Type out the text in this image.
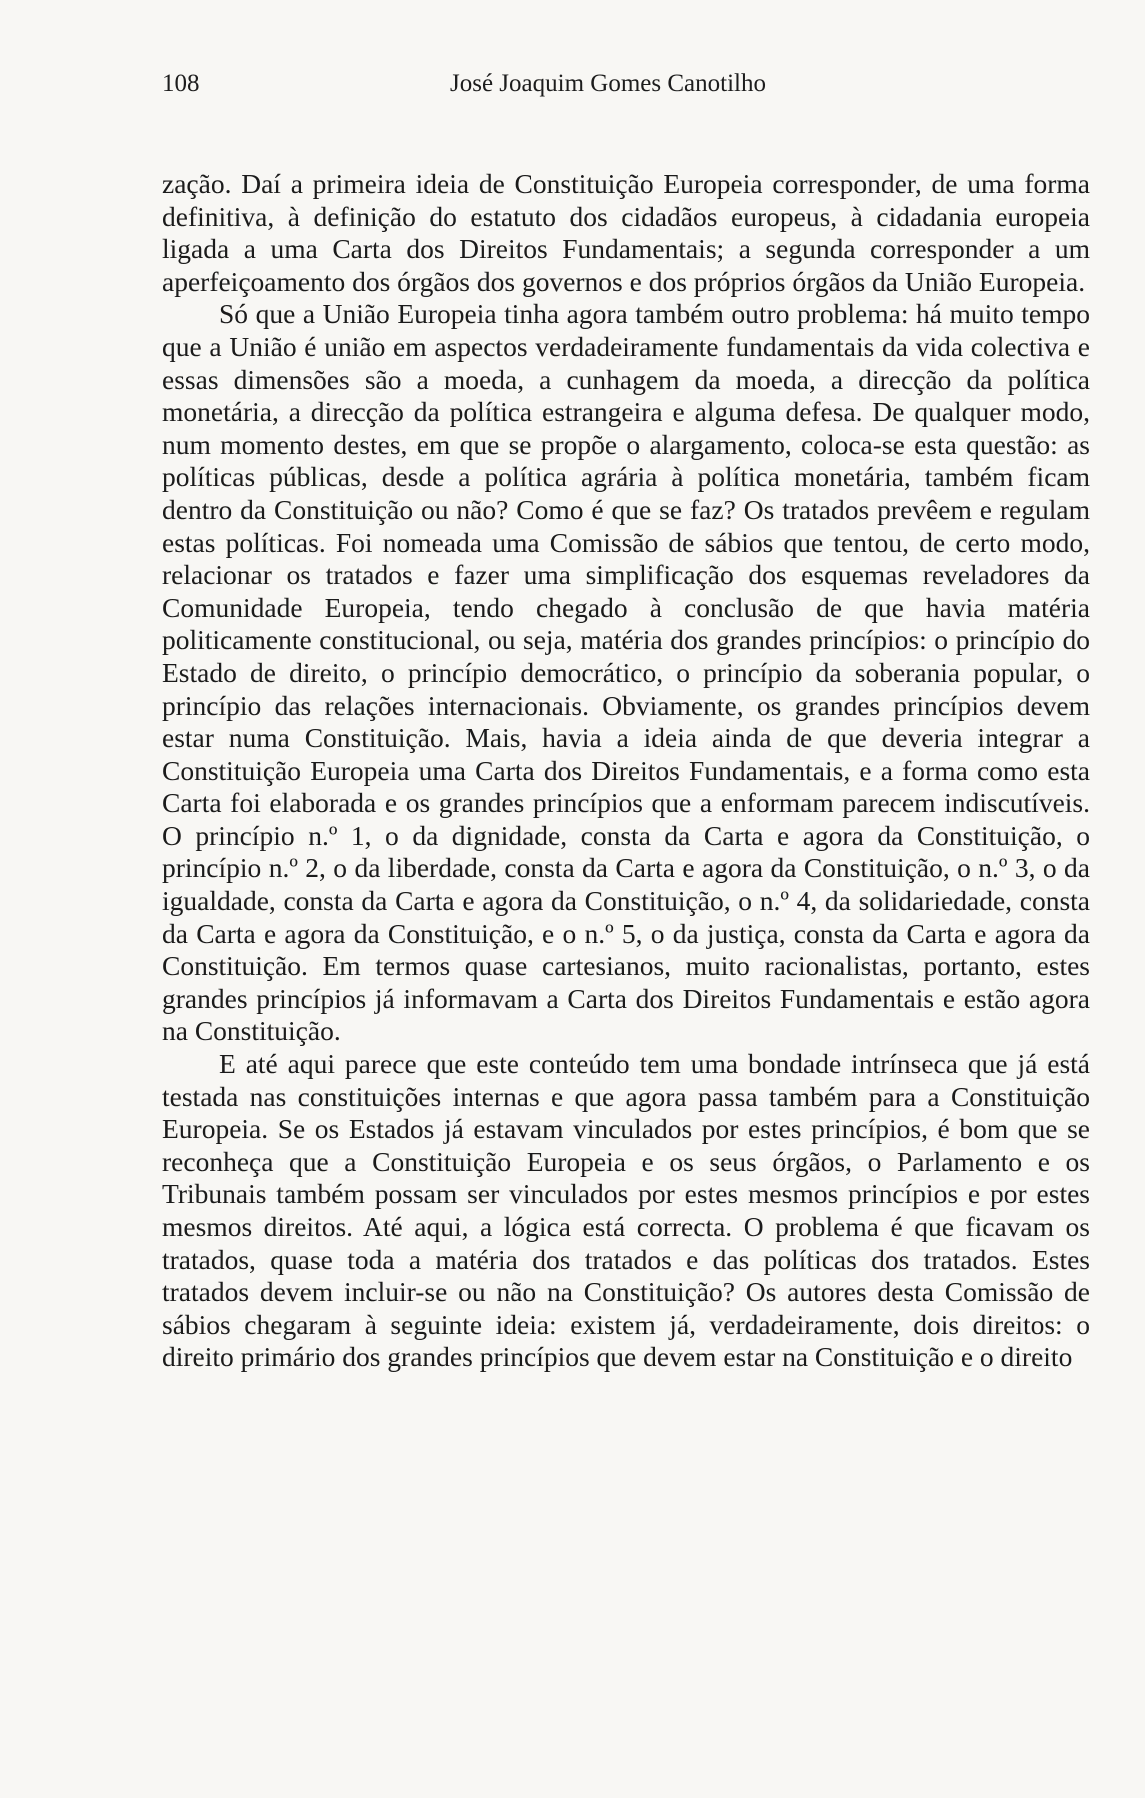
108	José Joaquim Gomes Canotilho

zação. Daí a primeira ideia de Constituição Europeia corresponder, de uma forma definitiva, à definição do estatuto dos cidadãos europeus, à cidadania europeia ligada a uma Carta dos Direitos Fundamentais; a segunda corresponder a um aperfeiçoamento dos órgãos dos governos e dos próprios órgãos da União Europeia.

Só que a União Europeia tinha agora também outro problema: há muito tempo que a União é união em aspectos verdadeiramente fundamentais da vida colectiva e essas dimensões são a moeda, a cunhagem da moeda, a direcção da política monetária, a direcção da política estrangeira e alguma defesa. De qualquer modo, num momento destes, em que se propõe o alargamento, coloca-se esta questão: as políticas públicas, desde a política agrária à política monetária, também ficam dentro da Constituição ou não? Como é que se faz? Os tratados prevêem e regulam estas políticas. Foi nomeada uma Comissão de sábios que tentou, de certo modo, relacionar os tratados e fazer uma simplificação dos esquemas reveladores da Comunidade Europeia, tendo chegado à conclusão de que havia matéria politicamente constitucional, ou seja, matéria dos grandes princípios: o princípio do Estado de direito, o princípio democrático, o princípio da soberania popular, o princípio das relações internacionais. Obviamente, os grandes princípios devem estar numa Constituição. Mais, havia a ideia ainda de que deveria integrar a Constituição Europeia uma Carta dos Direitos Fundamentais, e a forma como esta Carta foi elaborada e os grandes princípios que a enformam parecem indiscutíveis. O princípio n.º 1, o da dignidade, consta da Carta e agora da Constituição, o princípio n.º 2, o da liberdade, consta da Carta e agora da Constituição, o n.º 3, o da igualdade, consta da Carta e agora da Constituição, o n.º 4, da solidariedade, consta da Carta e agora da Constituição, e o n.º 5, o da justiça, consta da Carta e agora da Constituição. Em termos quase cartesianos, muito racionalistas, portanto, estes grandes princípios já informavam a Carta dos Direitos Fundamentais e estão agora na Constituição.

E até aqui parece que este conteúdo tem uma bondade intrínseca que já está testada nas constituições internas e que agora passa também para a Constituição Europeia. Se os Estados já estavam vinculados por estes princípios, é bom que se reconheça que a Constituição Europeia e os seus órgãos, o Parlamento e os Tribunais também possam ser vinculados por estes mesmos princípios e por estes mesmos direitos. Até aqui, a lógica está correcta. O problema é que ficavam os tratados, quase toda a matéria dos tratados e das políticas dos tratados. Estes tratados devem incluir-se ou não na Constituição? Os autores desta Comissão de sábios chegaram à seguinte ideia: existem já, verdadeiramente, dois direitos: o direito primário dos grandes princípios que devem estar na Constituição e o direito
